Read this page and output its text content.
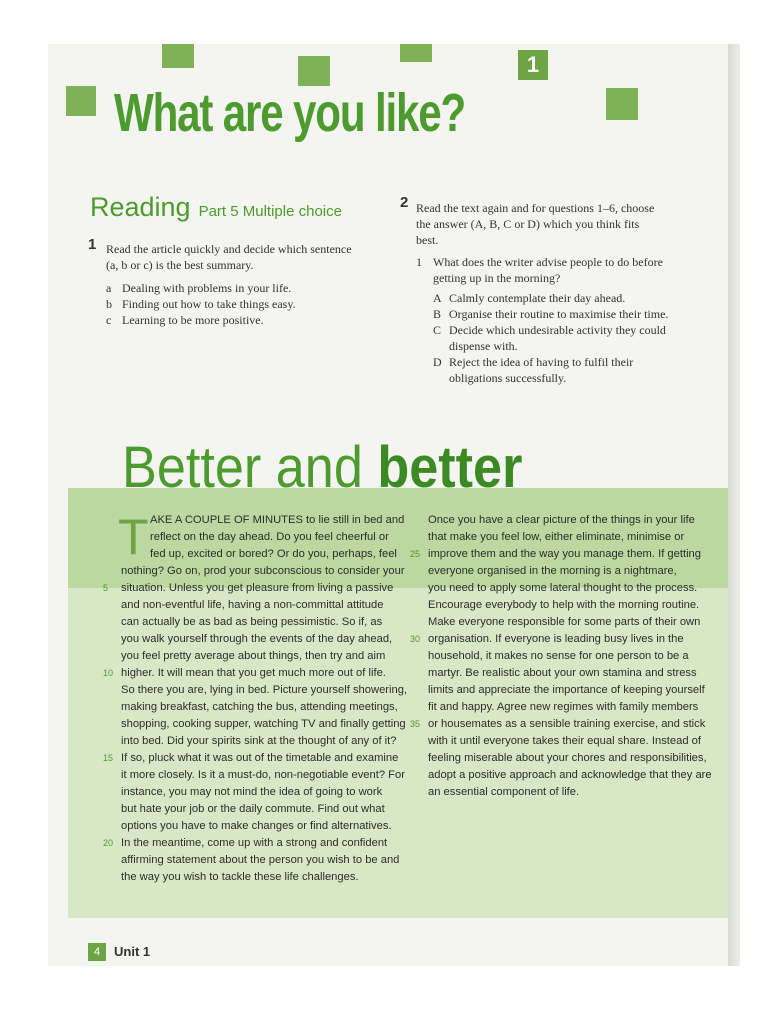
1
What are you like?
Reading Part 5 Multiple choice
1 Read the article quickly and decide which sentence
(a, b or c) is the best summary.
a Dealing with problems in your life.
b Finding out how to take things easy.
c Learning to be more positive.
2 Read the text again and for questions 1–6, choose
the answer (A, B, C or D) which you think fits
best.
1 What does the writer advise people to do before
getting up in the morning?
A Calmly contemplate their day ahead.
B Organise their routine to maximise their time.
C Decide which undesirable activity they could
dispense with.
D Reject the idea of having to fulfil their
obligations successfully.
Better and better
T AKE A COUPLE OF MINUTES to lie still in bed and
reflect on the day ahead. Do you feel cheerful or
fed up, excited or bored? Or do you, perhaps, feel
nothing? Go on, prod your subconscious to consider your
5 situation. Unless you get pleasure from living a passive
and non-eventful life, having a non-committal attitude
can actually be as bad as being pessimistic. So if, as
you walk yourself through the events of the day ahead,
you feel pretty average about things, then try and aim
10 higher. It will mean that you get much more out of life.
So there you are, lying in bed. Picture yourself showering,
making breakfast, catching the bus, attending meetings,
shopping, cooking supper, watching TV and finally getting
into bed. Did your spirits sink at the thought of any of it?
15 If so, pluck what it was out of the timetable and examine
it more closely. Is it a must-do, non-negotiable event? For
instance, you may not mind the idea of going to work
but hate your job or the daily commute. Find out what
options you have to make changes or find alternatives.
20 In the meantime, come up with a strong and confident
affirming statement about the person you wish to be and
the way you wish to tackle these life challenges.
Once you have a clear picture of the things in your life
that make you feel low, either eliminate, minimise or
25 improve them and the way you manage them. If getting
everyone organised in the morning is a nightmare,
you need to apply some lateral thought to the process.
Encourage everybody to help with the morning routine.
Make everyone responsible for some parts of their own
30 organisation. If everyone is leading busy lives in the
household, it makes no sense for one person to be a
martyr. Be realistic about your own stamina and stress
limits and appreciate the importance of keeping yourself
fit and happy. Agree new regimes with family members
35 or housemates as a sensible training exercise, and stick
with it until everyone takes their equal share. Instead of
feeling miserable about your chores and responsibilities,
adopt a positive approach and acknowledge that they are
an essential component of life.
4	Unit 1
